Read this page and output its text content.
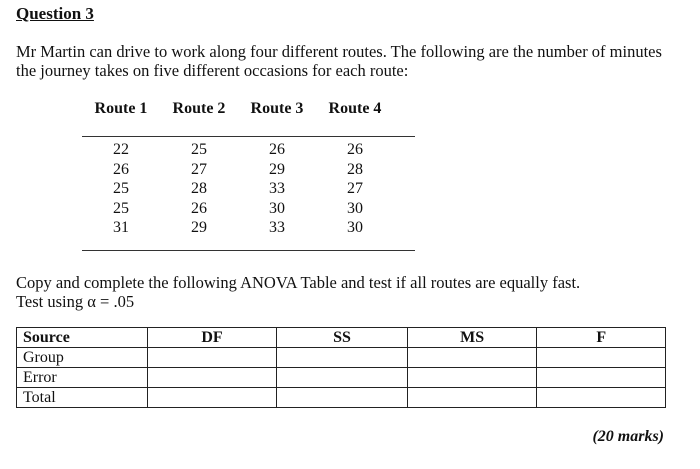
Question 3
Mr Martin can drive to work along four different routes. The following are the number of minutes the journey takes on five different occasions for each route:
Route 1	Route 2	Route 3	Route 4
22	25	26	26
26	27	29	28
25	28	33	27
25	26	30	30
31	29	33	30
Copy and complete the following ANOVA Table and test if all routes are equally fast.
Test using α = .05
Source	DF	SS	MS	F
Group				
Error				
Total				
(20 marks)
